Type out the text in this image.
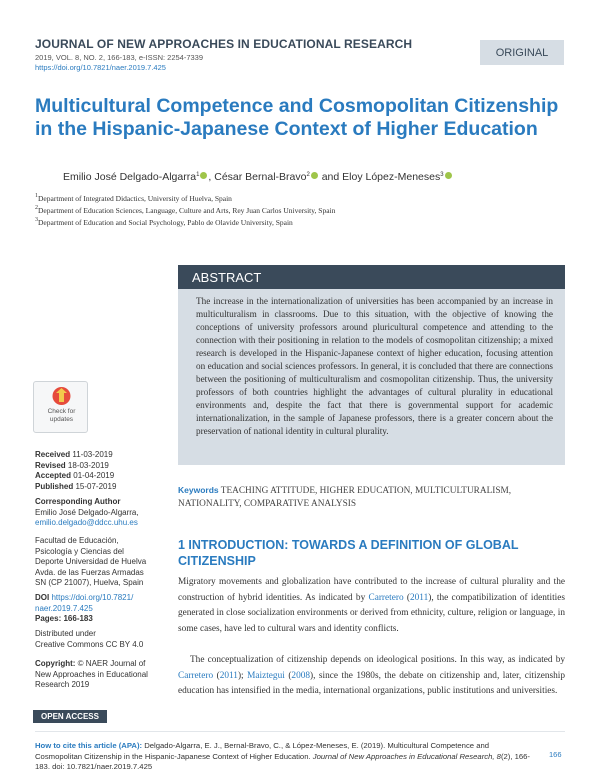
JOURNAL OF NEW APPROACHES IN EDUCATIONAL RESEARCH
2019, VOL. 8, NO. 2, 166-183, e-ISSN: 2254-7339
https://doi.org/10.7821/naer.2019.7.425
ORIGINAL
Multicultural Competence and Cosmopolitan Citizenship in the Hispanic-Japanese Context of Higher Education
Emilio José Delgado-Algarra$^1$ , César Bernal-Bravo$^2$ and Eloy López-Meneses$^3$
$^1$Department of Integrated Didactics, University of Huelva, Spain
$^2$Department of Education Sciences, Language, Culture and Arts, Rey Juan Carlos University, Spain
$^3$Department of Education and Social Psychology, Pablo de Olavide University, Spain
ABSTRACT
The increase in the internationalization of universities has been accompanied by an increase in multiculturalism in classrooms. Due to this situation, with the objective of knowing the conceptions of university professors around pluricultural competence and attending to the connection with their positioning in relation to the models of cosmopolitan citizenship; a mixed research is developed in the Hispanic-Japanese context of higher education, focusing attention on education and social sciences professors. In general, it is concluded that there are connections between the positioning of multiculturalism and cosmopolitan citizenship. Thus, the university professors of both countries highlight the advantages of cultural plurality in educational environments and, despite the fact that there is governmental support for academic internationalization, in the sample of Japanese professors, there is a greater concern about the preservation of national identity in cultural plurality.
Keywords TEACHING ATTITUDE, HIGHER EDUCATION, MULTICULTURALISM, NATIONALITY, COMPARATIVE ANALYSIS
1 INTRODUCTION: TOWARDS A DEFINITION OF GLOBAL CITIZENSHIP
Migratory movements and globalization have contributed to the increase of cultural plurality and the construction of hybrid identities. As indicated by Carretero (2011), the compatibilization of identities generated in close socialization environments or derived from ethnicity, culture, religion or language, in some cases, have led to cultural wars and identity conflicts.
The conceptualization of citizenship depends on ideological positions. In this way, as indicated by Carretero (2011); Maiztegui (2008), since the 1980s, the debate on citizenship and, later, citizenship education has intensified in the media, international organizations, public institutions and universities.
Check for
updates
Received 11-03-2019
Revised 18-03-2019
Accepted 01-04-2019
Published 15-07-2019
Corresponding Author
Emilio José Delgado-Algarra,
emilio.delgado@ddcc.uhu.es
Facultad de Educación,
Psicología y Ciencias del
Deporte Universidad de Huelva
Avda. de las Fuerzas Armadas
SN (CP 21007), Huelva, Spain
DOI https://doi.org/10.7821/
naer.2019.7.425
Pages: 166-183
Distributed under
Creative Commons CC BY 4.0
Copyright: © NAER Journal of
New Approaches in Educational
Research 2019
OPEN ACCESS
How to cite this article (APA): Delgado-Algarra, E. J., Bernal-Bravo, C., & López-Meneses, E. (2019). Multicultural Competence and Cosmopolitan Citizenship in the Hispanic-Japanese Context of Higher Education. Journal of New Approaches in Educational Research, 8(2), 166-183. doi: 10.7821/naer.2019.7.425
166
